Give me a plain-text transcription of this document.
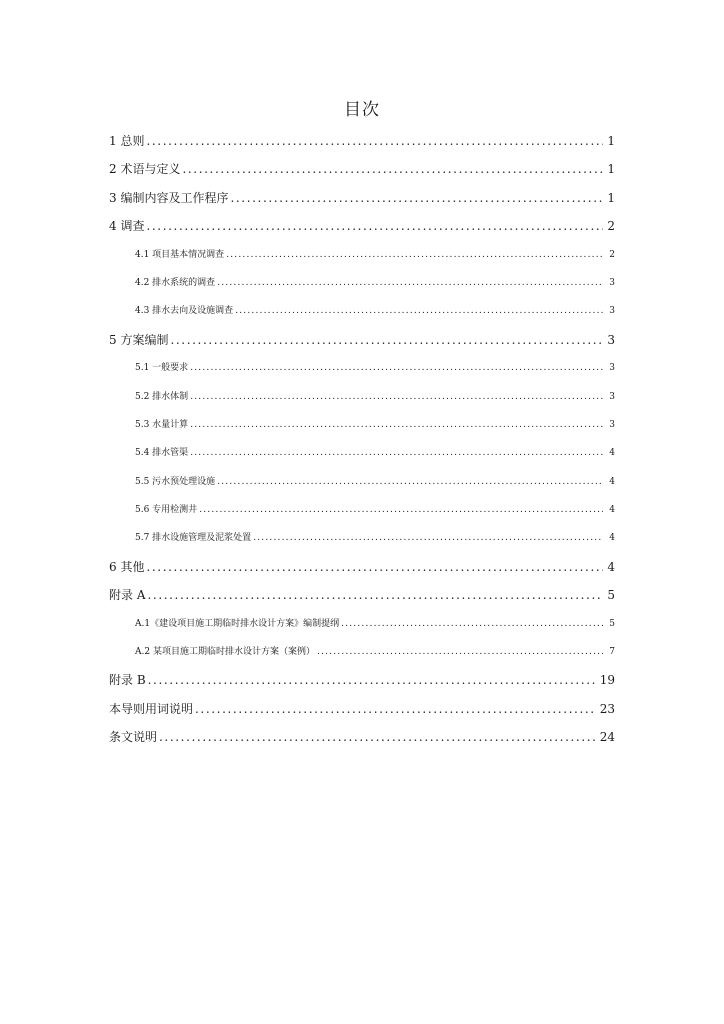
目次
1 总则 .....	1
2 术语与定义 .....	1
3 编制内容及工作程序 .....	1
4 调查 .....	2
4.1 项目基本情况调查 .....	2
4.2 排水系统的调查 .....	3
4.3 排水去向及设施调查 .....	3
5 方案编制 .....	3
5.1 一般要求 .....	3
5.2 排水体制 .....	3
5.3 水量计算 .....	3
5.4 排水管渠 .....	4
5.5 污水预处理设施 .....	4
5.6 专用检测井 .....	4
5.7 排水设施管理及泥浆处置 .....	4
6 其他 .....	4
附录 A .....	5
A.1《建设项目施工期临时排水设计方案》编制提纲 .....	5
A.2 某项目施工期临时排水设计方案（案例） .....	7
附录 B .....	19
本导则用词说明 .....	23
条文说明 .....	24
